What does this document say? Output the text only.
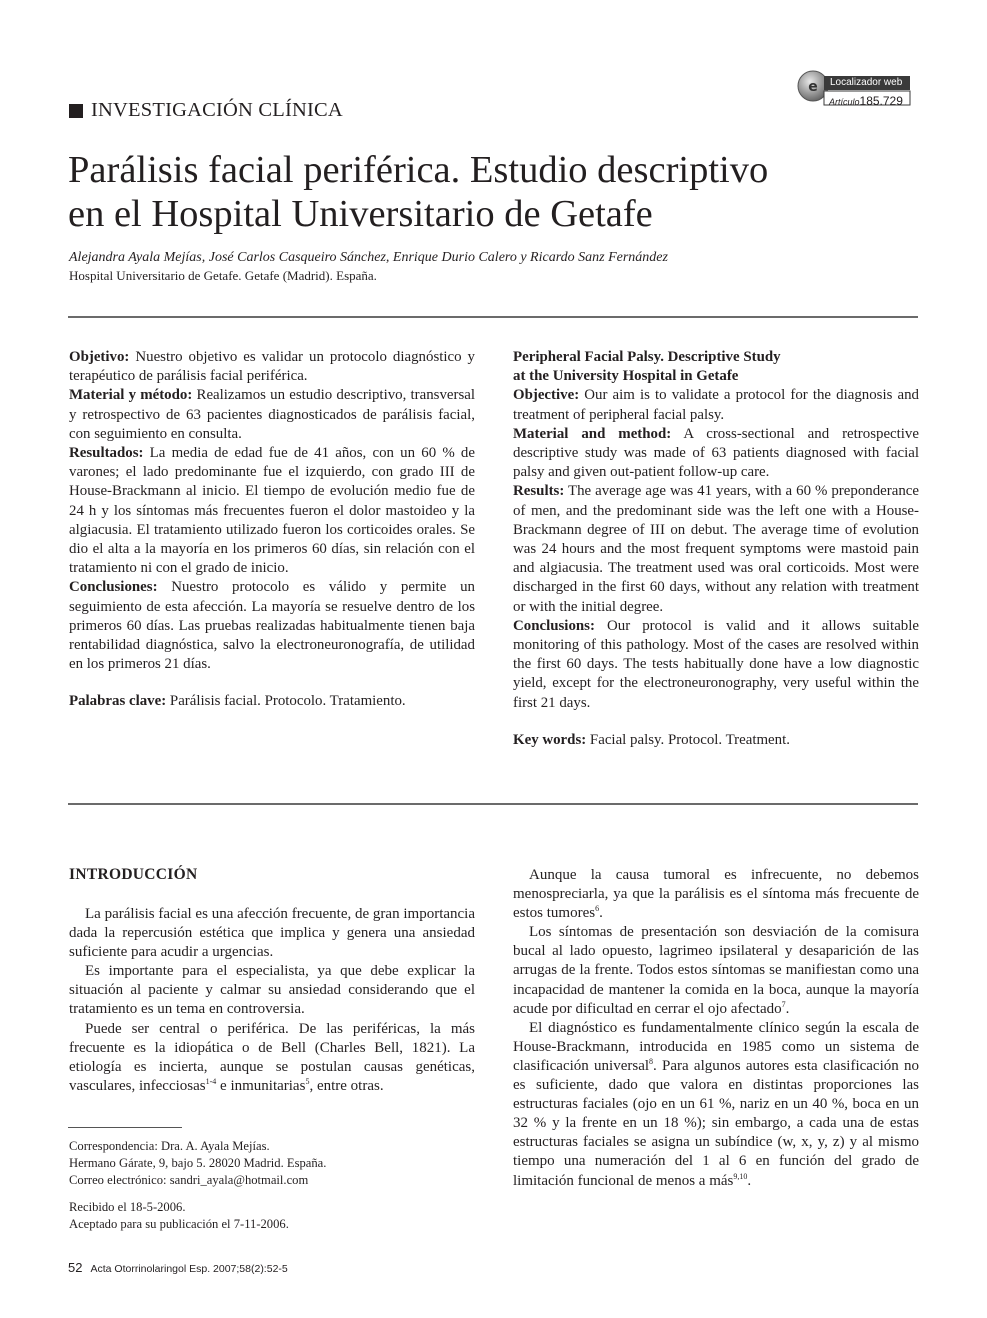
e Localizador web
Artículo185.729
INVESTIGACIÓN CLÍNICA
Parálisis facial periférica. Estudio descriptivo
en el Hospital Universitario de Getafe
Alejandra Ayala Mejías, José Carlos Casqueiro Sánchez, Enrique Durio Calero y Ricardo Sanz Fernández
Hospital Universitario de Getafe. Getafe (Madrid). España.

Objetivo: Nuestro objetivo es validar un protocolo diagnóstico y terapéutico de parálisis facial periférica.

Material y método: Realizamos un estudio descriptivo, transversal y retrospectivo de 63 pacientes diagnosticados de parálisis facial, con seguimiento en consulta.

Resultados: La media de edad fue de 41 años, con un 60 % de varones; el lado predominante fue el izquierdo, con grado III de House-Brackmann al inicio. El tiempo de evolución medio fue de 24 h y los síntomas más frecuentes fueron el dolor mastoideo y la algiacusia. El tratamiento utilizado fueron los corticoides orales. Se dio el alta a la mayoría en los primeros 60 días, sin relación con el tratamiento ni con el grado de inicio.

Conclusiones: Nuestro protocolo es válido y permite un seguimiento de esta afección. La mayoría se resuelve dentro de los primeros 60 días. Las pruebas realizadas habitualmente tienen baja rentabilidad diagnóstica, salvo la electroneuronografía, de utilidad en los primeros 21 días.

Palabras clave: Parálisis facial. Protocolo. Tratamiento.

Peripheral Facial Palsy. Descriptive Study
at the University Hospital in Getafe

Objective: Our aim is to validate a protocol for the diagnosis and treatment of peripheral facial palsy.

Material and method: A cross-sectional and retrospective descriptive study was made of 63 patients diagnosed with facial palsy and given out-patient follow-up care.

Results: The average age was 41 years, with a 60 % preponderance of men, and the predominant side was the left one with a House-Brackmann degree of III on debut. The average time of evolution was 24 hours and the most frequent symptoms were mastoid pain and algiacusia. The treatment used was oral corticoids. Most were discharged in the first 60 days, without any relation with treatment or with the initial degree.

Conclusions: Our protocol is valid and it allows suitable monitoring of this pathology. Most of the cases are resolved within the first 60 days. The tests habitually done have a low diagnostic yield, except for the electroneuronography, very useful within the first 21 days.

Key words: Facial palsy. Protocol. Treatment.

INTRODUCCIÓN

La parálisis facial es una afección frecuente, de gran importancia dada la repercusión estética que implica y genera una ansiedad suficiente para acudir a urgencias.

Es importante para el especialista, ya que debe explicar la situación al paciente y calmar su ansiedad considerando que el tratamiento es un tema en controversia.

Puede ser central o periférica. De las periféricas, la más frecuente es la idiopática o de Bell (Charles Bell, 1821). La etiología es incierta, aunque se postulan causas genéticas, vasculares, infecciosas$^{1-4}$ e inmunitarias$^5$, entre otras.

Correspondencia: Dra. A. Ayala Mejías.

Hermano Gárate, 9, bajo 5. 28020 Madrid. España.

Correo electrónico: sandri_ayala@hotmail.com

Recibido el 18-5-2006.

Aceptado para su publicación el 7-11-2006.

Aunque la causa tumoral es infrecuente, no debemos menospreciarla, ya que la parálisis es el síntoma más frecuente de estos tumores$^6$.

Los síntomas de presentación son desviación de la comisura bucal al lado opuesto, lagrimeo ipsilateral y desaparición de las arrugas de la frente. Todos estos síntomas se manifiestan como una incapacidad de mantener la comida en la boca, aunque la mayoría acude por dificultad en cerrar el ojo afectado$^7$.

El diagnóstico es fundamentalmente clínico según la escala de House-Brackmann, introducida en 1985 como un sistema de clasificación universal$^8$. Para algunos autores esta clasificación no es suficiente, dado que valora en distintas proporciones las estructuras faciales (ojo en un 61 %, nariz en un 40 %, boca en un 32 % y la frente en un 18 %); sin embargo, a cada una de estas estructuras faciales se asigna un subíndice (w, x, y, z) y al mismo tiempo una numeración del 1 al 6 en función del grado de limitación funcional de menos a más$^{9,10}$.

52 Acta Otorrinolaringol Esp. 2007;58(2):52-5
